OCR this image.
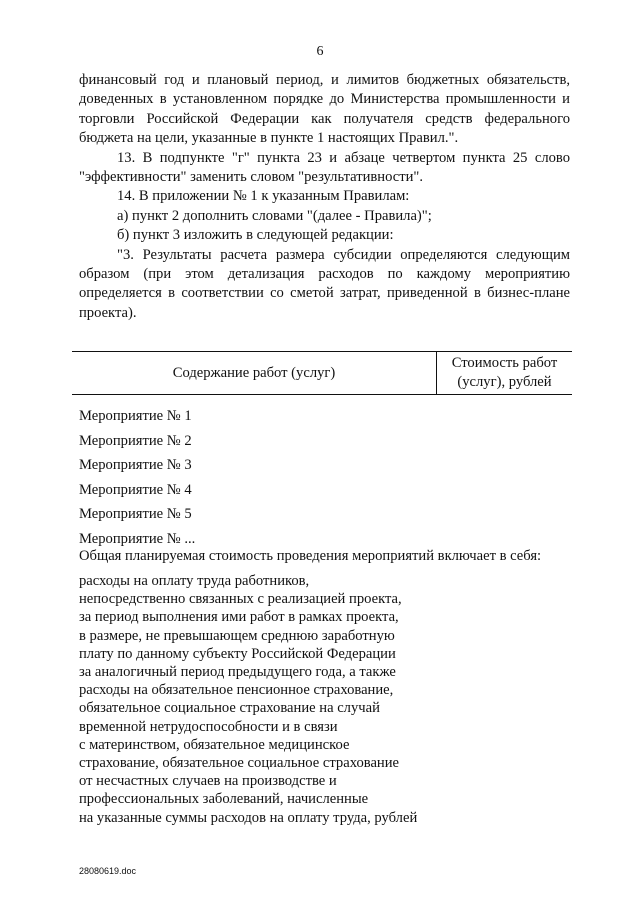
6

финансовый год и плановый период, и лимитов бюджетных обязательств, доведенных в установленном порядке до Министерства промышленности и торговли Российской Федерации как получателя средств федерального бюджета на цели, указанные в пункте 1 настоящих Правил.".

13. В подпункте "г" пункта 23 и абзаце четвертом пункта 25 слово "эффективности" заменить словом "результативности".

14. В приложении № 1 к указанным Правилам:

а) пункт 2 дополнить словами "(далее - Правила)";

б) пункт 3 изложить в следующей редакции:

"3. Результаты расчета размера субсидии определяются следующим образом (при этом детализация расходов по каждому мероприятию определяется в соответствии со сметой затрат, приведенной в бизнес-плане проекта).

Содержание работ (услуг)
Стоимость работ
(услуг), рублей
Мероприятие № 1
Мероприятие № 2
Мероприятие № 3
Мероприятие № 4
Мероприятие № 5
Мероприятие № ...
Общая планируемая стоимость проведения мероприятий включает в себя:
расходы на оплату труда работников,
непосредственно связанных с реализацией проекта,
за период выполнения ими работ в рамках проекта,
в размере, не превышающем среднюю заработную
плату по данному субъекту Российской Федерации
за аналогичный период предыдущего года, а также
расходы на обязательное пенсионное страхование,
обязательное социальное страхование на случай
временной нетрудоспособности и в связи
с материнством, обязательное медицинское
страхование, обязательное социальное страхование
от несчастных случаев на производстве и
профессиональных заболеваний, начисленные
на указанные суммы расходов на оплату труда, рублей
28080619.doc
